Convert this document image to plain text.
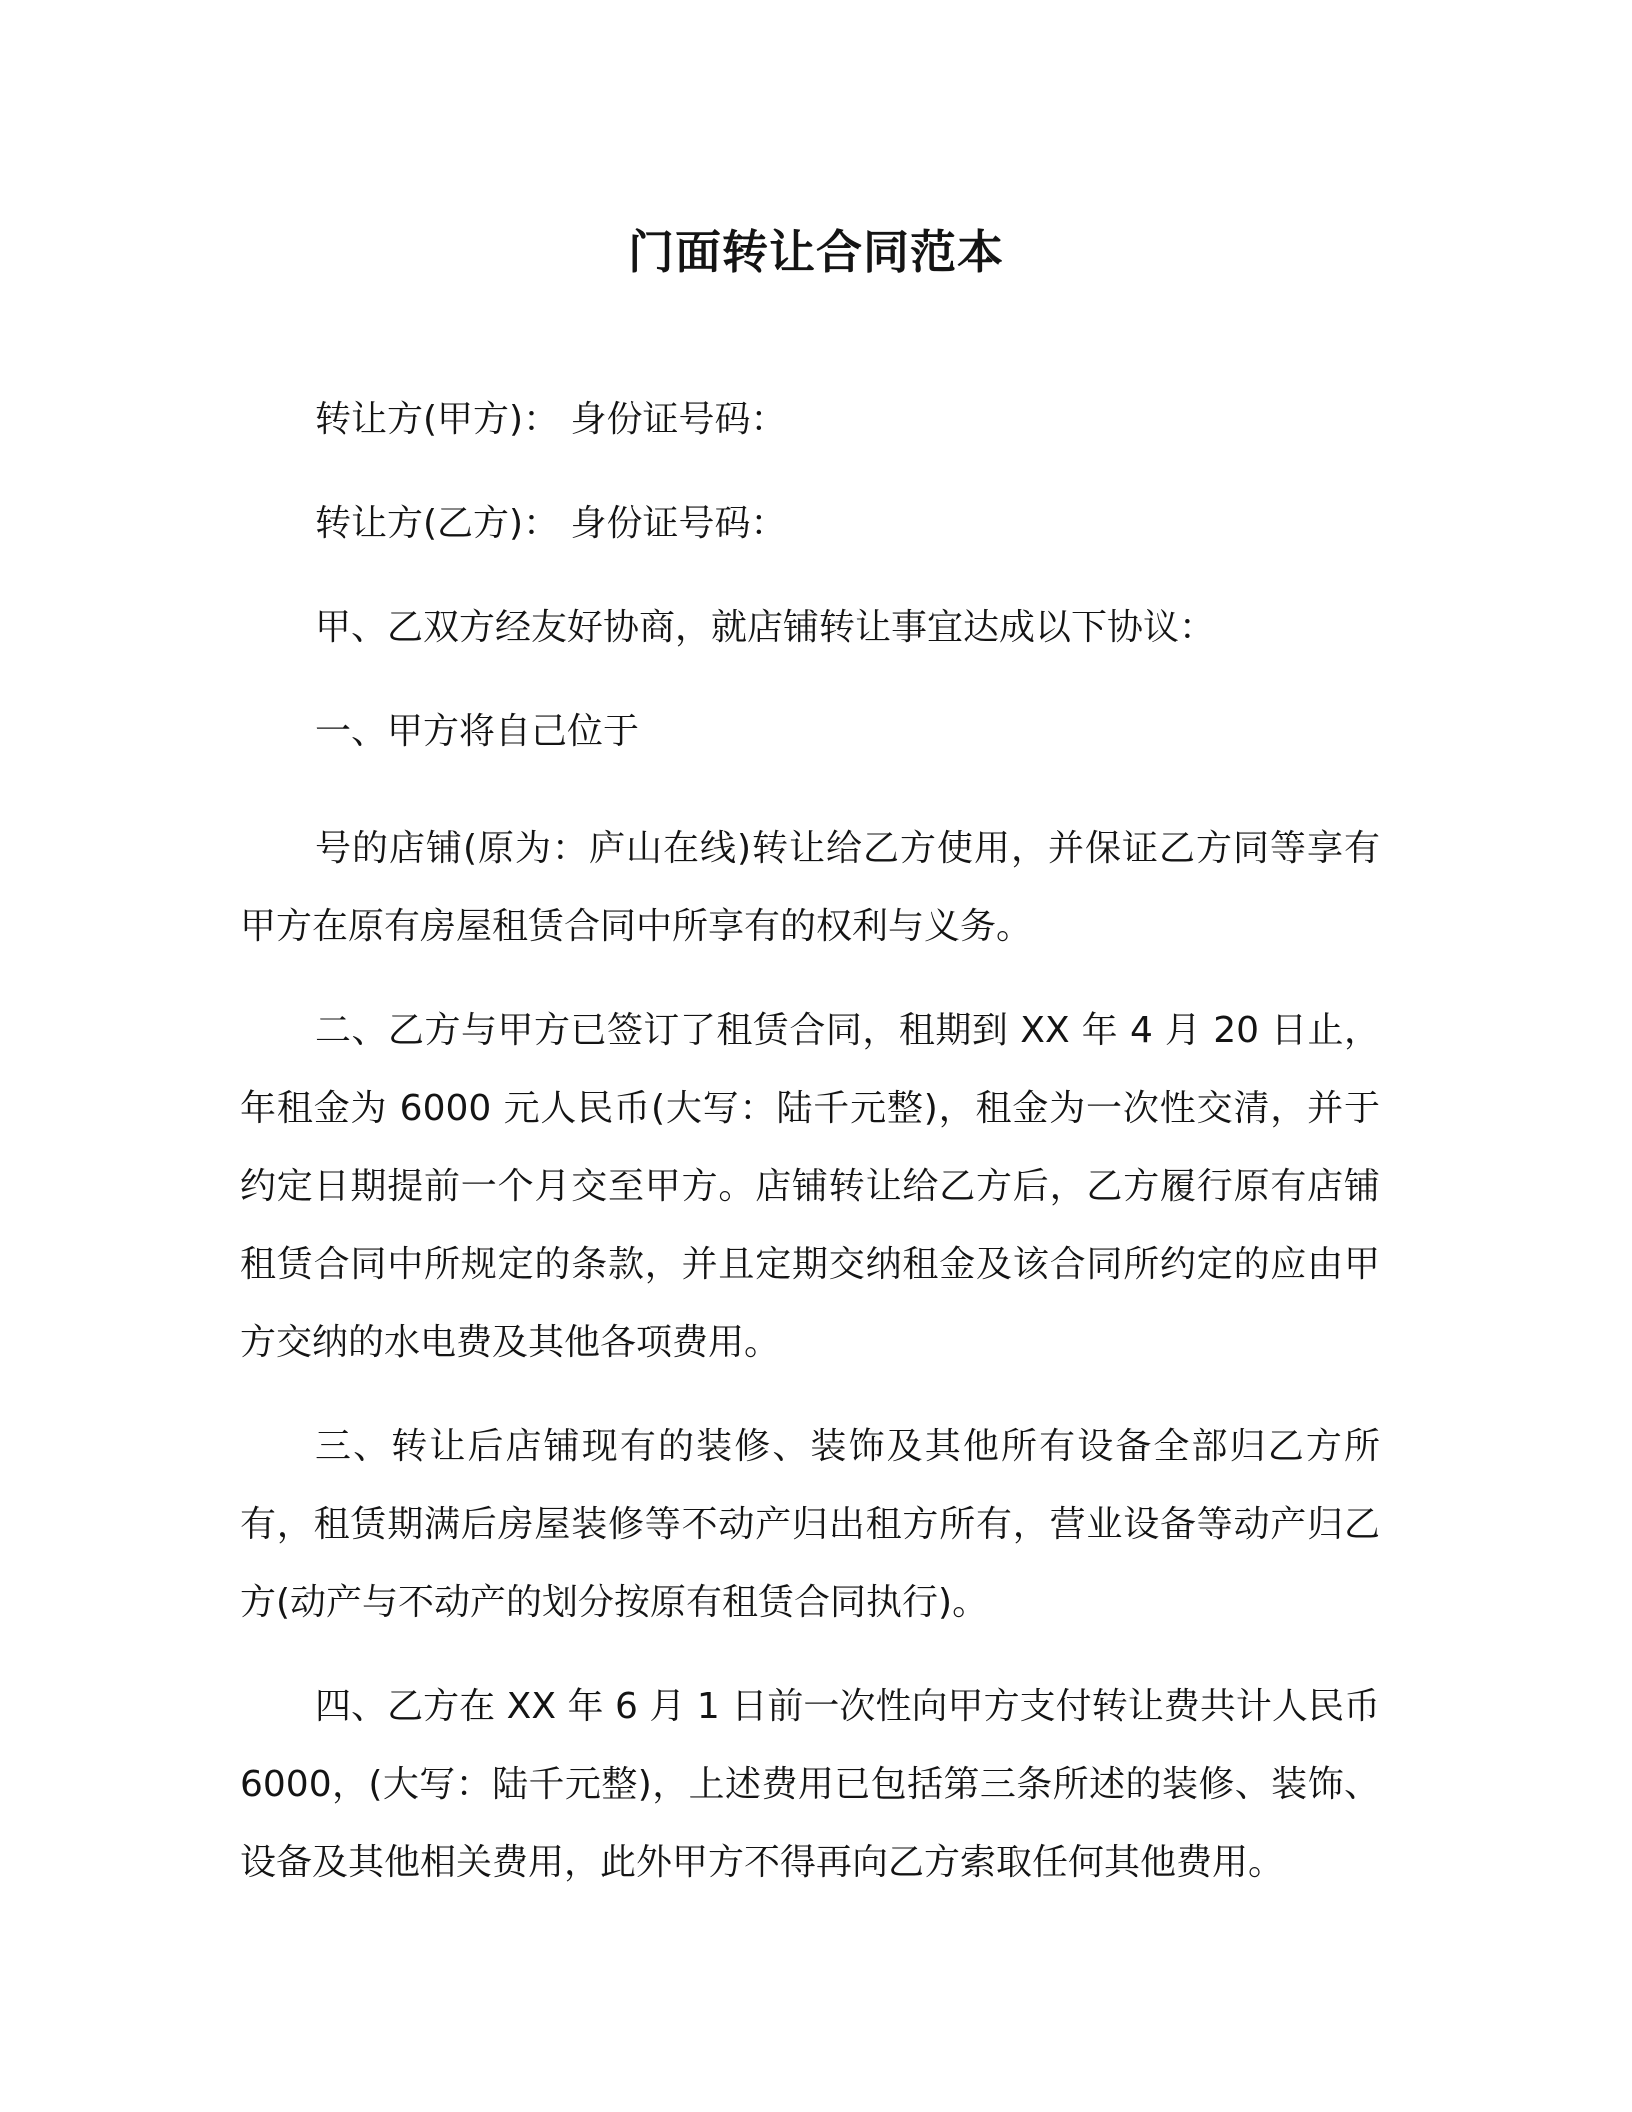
门面转让合同范本
转让方(甲方)： 身份证号码：
转让方(乙方)： 身份证号码：
甲、乙双方经友好协商，就店铺转让事宜达成以下协议：
一、甲方将自己位于
号的店铺(原为：庐山在线)转让给乙方使用，并保证乙方同等享有甲方在原有房屋租赁合同中所享有的权利与义务。
二、乙方与甲方已签订了租赁合同，租期到 XX 年 4 月 20 日止，年租金为 6000 元人民币(大写：陆千元整)，租金为一次性交清，并于约定日期提前一个月交至甲方。店铺转让给乙方后，乙方履行原有店铺租赁合同中所规定的条款，并且定期交纳租金及该合同所约定的应由甲方交纳的水电费及其他各项费用。
三、转让后店铺现有的装修、装饰及其他所有设备全部归乙方所有，租赁期满后房屋装修等不动产归出租方所有，营业设备等动产归乙方(动产与不动产的划分按原有租赁合同执行)。
四、乙方在 XX 年 6 月 1 日前一次性向甲方支付转让费共计人民币 6000，(大写：陆千元整)，上述费用已包括第三条所述的装修、装饰、设备及其他相关费用，此外甲方不得再向乙方索取任何其他费用。
